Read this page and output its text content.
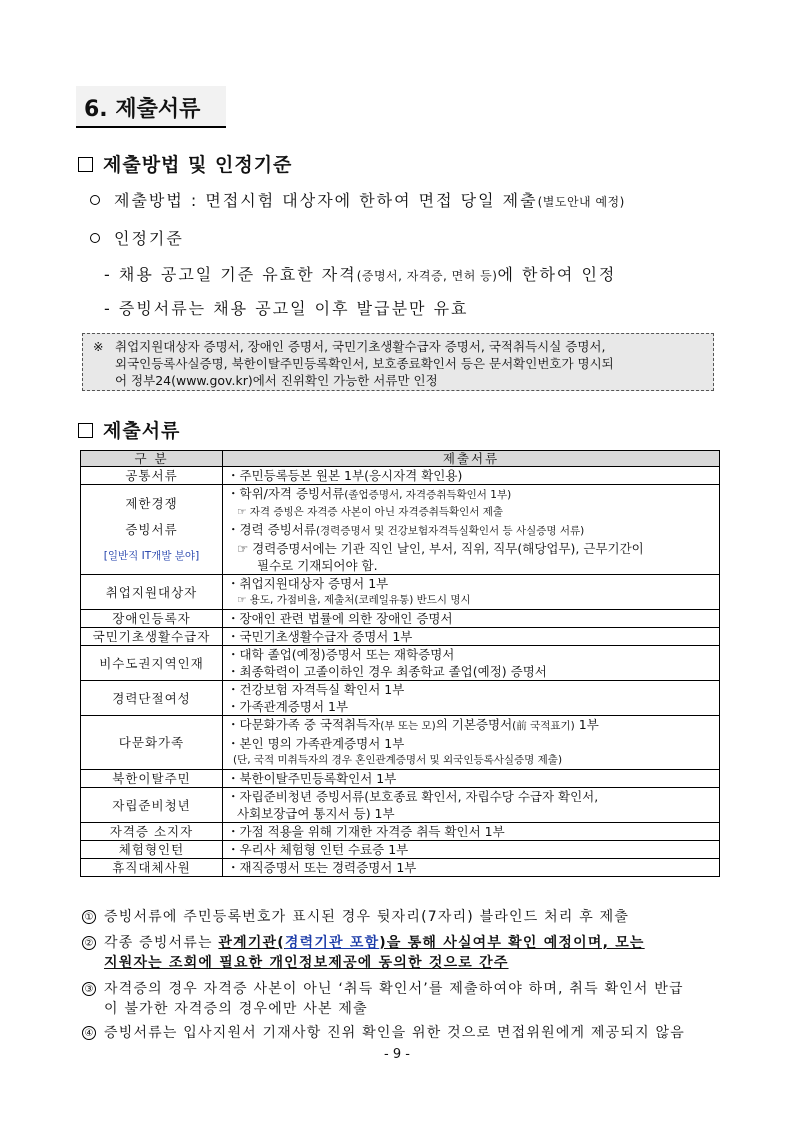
6. 제출서류
제출방법 및 인정기준
제출방법 : 면접시험 대상자에 한하여 면접 당일 제출(별도안내 예정)
인정기준
- 채용 공고일 기준 유효한 자격(증명서, 자격증, 면허 등)에 한하여 인정
- 증빙서류는 채용 공고일 이후 발급분만 유효
※ 취업지원대상자 증명서, 장애인 증명서, 국민기초생활수급자 증명서, 국적취득시실 증명서,
외국인등록사실증명, 북한이탈주민등록확인서, 보호종료확인서 등은 문서확인번호가 명시되
어 정부24(www.gov.kr)에서 진위확인 가능한 서류만 인정
제출서류
구 분	제출서류
공통서류	・주민등록등본 원본 1부(응시자격 확인용)

제한경쟁
증빙서류
[일반직 IT개발 분야]	・학위/자격 증빙서류(졸업증명서, 자격증취득확인서 1부)
☞ 자격 증빙은 자격증 사본이 아닌 자격증취득확인서 제출
・경력 증빙서류(경력증명서 및 건강보험자격득실확인서 등 사실증명 서류)
☞ 경력증명서에는 기관 직인 날인, 부서, 직위, 직무(해당업무), 근무기간이
필수로 기재되어야 함.

취업지원대상자	・취업지원대상자 증명서 1부
☞ 용도, 가점비율, 제출처(코레일유통) 반드시 명시

장애인등록자	・장애인 관련 법률에 의한 장애인 증명서

국민기초생활수급자	・국민기초생활수급자 증명서 1부

비수도권지역인재	・대학 졸업(예정)증명서 또는 재학증명서
・최종학력이 고졸이하인 경우 최종학교 졸업(예정) 증명서

경력단절여성	・건강보험 자격득실 확인서 1부
・가족관계증명서 1부

다문화가족	・다문화가족 중 국적취득자(부 또는 모)의 기본증명서(前 국적표기) 1부
・본인 명의 가족관계증명서 1부
(단, 국적 미취득자의 경우 혼인관계증명서 및 외국인등록사실증명 제출)

북한이탈주민	・북한이탈주민등록확인서 1부

자립준비청년	・자립준비청년 증빙서류(보호종료 확인서, 자립수당 수급자 확인서,
사회보장급여 통지서 등) 1부

자격증 소지자	・가점 적용을 위해 기재한 자격증 취득 확인서 1부

체험형인턴	・우리사 체험형 인턴 수료증 1부

휴직대체사원	・재직증명서 또는 경력증명서 1부
① 증빙서류에 주민등록번호가 표시된 경우 뒷자리(7자리) 블라인드 처리 후 제출
② 각종 증빙서류는 관계기관(경력기관 포함)을 통해 사실여부 확인 예정이며, 모는
지원자는 조회에 필요한 개인정보제공에 동의한 것으로 간주
③ 자격증의 경우 자격증 사본이 아닌 ‘취득 확인서’를 제출하여야 하며, 취득 확인서 반급
이 불가한 자격증의 경우에만 사본 제출
④ 증빙서류는 입사지원서 기재사항 진위 확인을 위한 것으로 면접위원에게 제공되지 않음
- 9 -
